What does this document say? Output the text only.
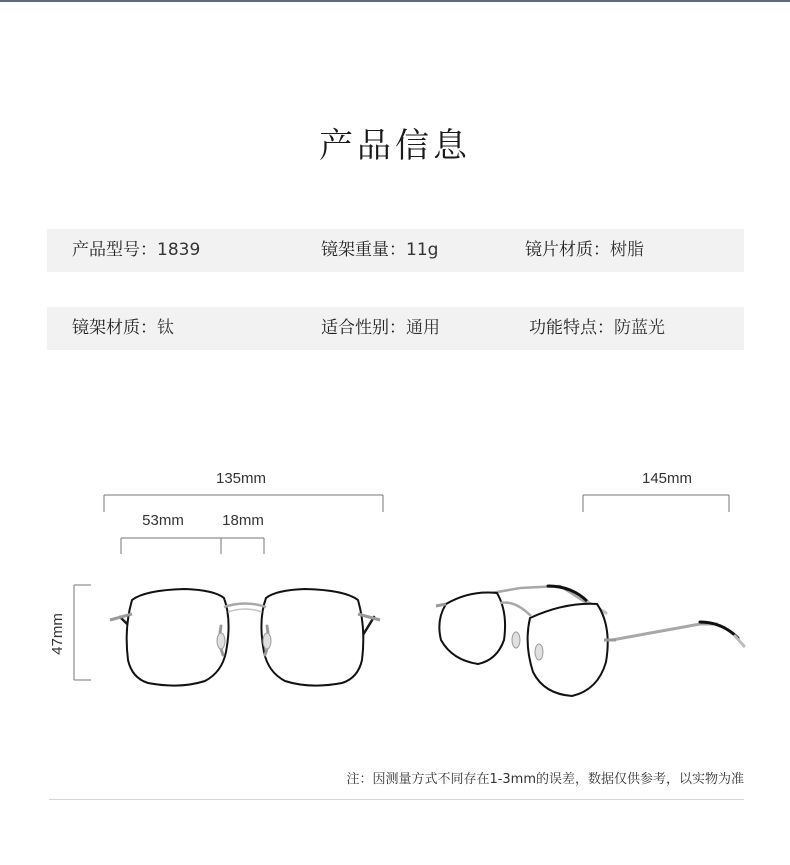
产品信息
产品型号：1839	镜架重量：11g	镜片材质：树脂
镜架材质：钛	适合性别：通用	功能特点：防蓝光
135mm
53mm	18mm
47mm
145mm
注：因测量方式不同存在1-3mm的误差，数据仅供参考，以实物为准
